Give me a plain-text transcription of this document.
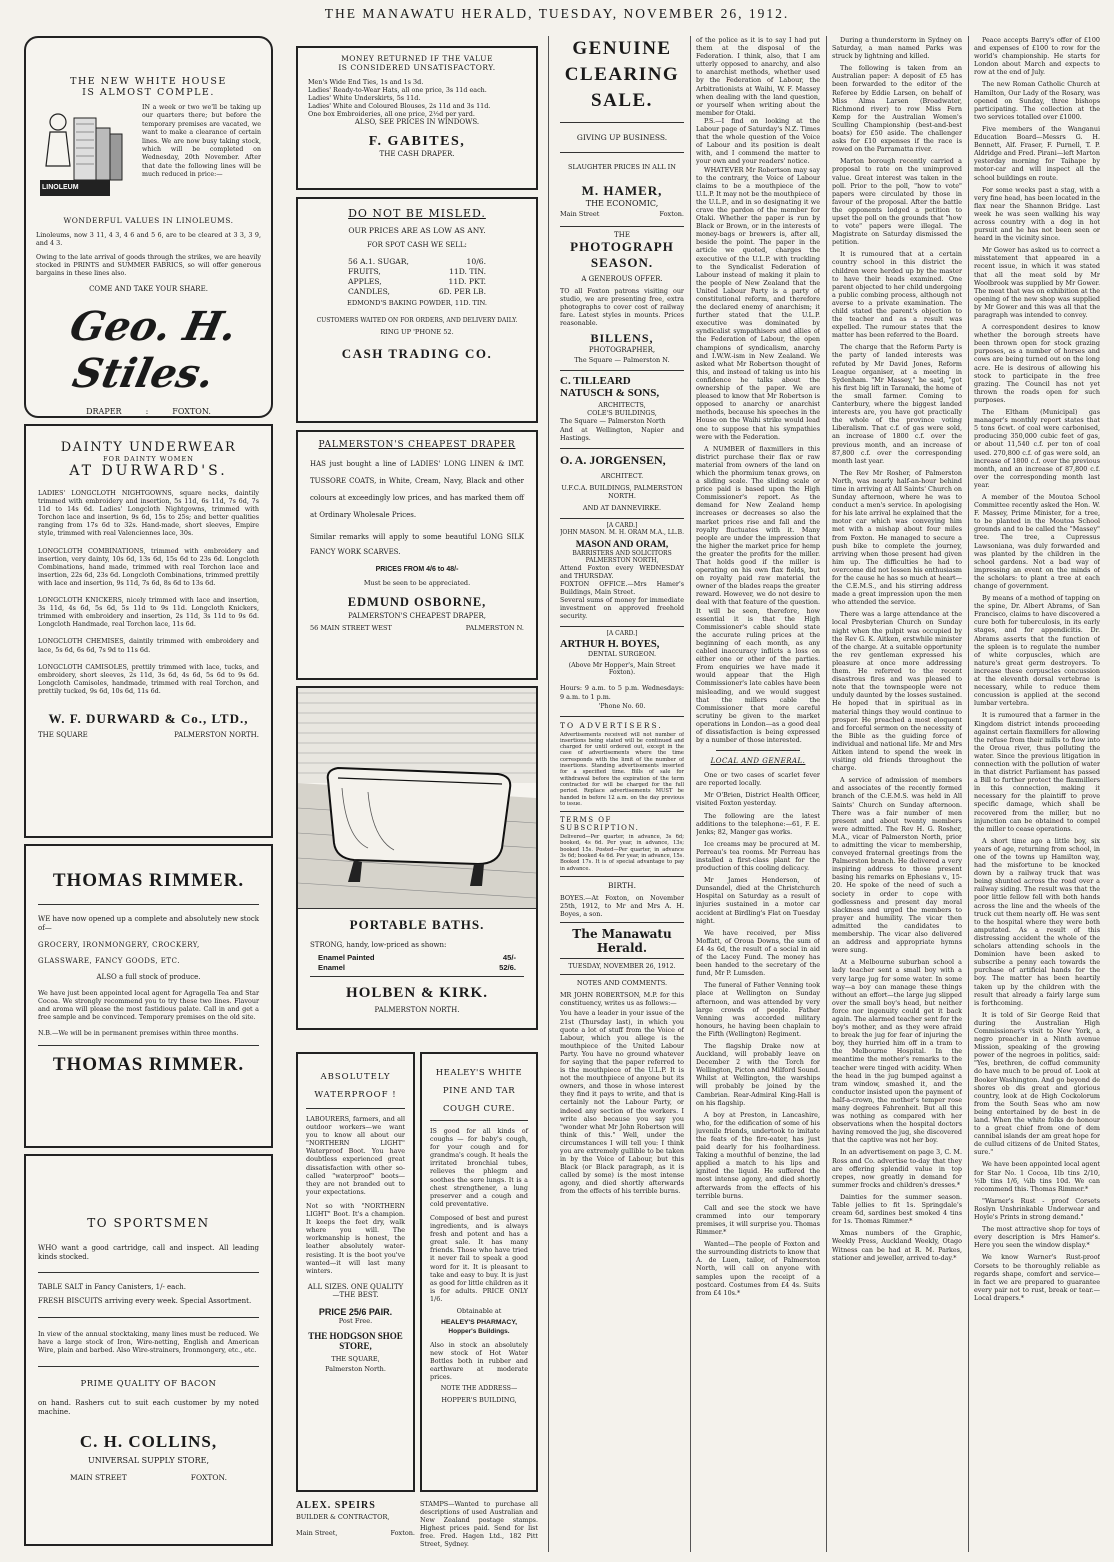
THE MANAWATU HERALD, TUESDAY, NOVEMBER 26, 1912.
THE NEW WHITE HOUSE
IS ALMOST COMPLE.
LINOLEUM

IN a week or two we'll be taking up our quarters there; but before the temporary premises are vacated, we want to make a clearance of certain lines. We are now busy taking stock, which will be completed on Wednesday, 20th November. After that date the following lines will be much reduced in price:—

WONDERFUL VALUES IN LINOLEUMS.

Linoleums, now 3 11, 4 3, 4 6 and 5 6, are to be cleared at 3 3, 3 9, and 4 3.

Owing to the late arrival of goods through the strikes, we are heavily stocked in PRINTS and SUMMER FABRICS, so will offer generous bargains in these lines also.

COME AND TAKE YOUR SHARE.
Geo. H. Stiles.
DRAPER	:	FOXTON.
DAINTY UNDERWEAR
FOR DAINTY WOMEN
AT DURWARD'S.

LADIES' LONGCLOTH NIGHTGOWNS, square necks, daintily trimmed with embroidery and insertion, 5s 11d, 6s 11d, 7s 6d, 7s 11d to 14s 6d. Ladies' Longcloth Nightgowns, trimmed with Torchon lace and insertion, 9s 6d, 15s to 25s; and better qualities ranging from 17s 6d to 32s. Hand-made, short sleeves, Empire style, trimmed with real Valenciennes lace, 30s.

LONGCLOTH COMBINATIONS, trimmed with embroidery and insertion, very dainty, 10s 6d, 13s 6d, 15s 6d to 23s 6d. Longcloth Combinations, hand made, trimmed with real Torchon lace and insertion, 22s 6d, 23s 6d. Longcloth Combinations, trimmed prettily with lace and insertion, 9s 11d, 7s 6d, 8s 6d to 13s 6d.

LONGCLOTH KNICKERS, nicely trimmed with lace and insertion, 3s 11d, 4s 6d, 5s 6d, 5s 11d to 9s 11d. Longcloth Knickers, trimmed with embroidery and insertion, 2s 11d, 3s 11d to 9s 6d. Longcloth Handmade, real Torchon lace, 11s 6d.

LONGCLOTH CHEMISES, daintily trimmed with embroidery and lace, 5s 6d, 6s 6d, 7s 9d to 11s 6d.

LONGCLOTH CAMISOLES, prettily trimmed with lace, tucks, and embroidery, short sleeves, 2s 11d, 3s 6d, 4s 6d, 5s 6d to 9s 6d. Longcloth Camisoles, handmade, trimmed with real Torchon, and prettily tucked, 9s 6d, 10s 6d, 11s 6d.

W. F. DURWARD & Co., LTD.,
THE SQUARE	PALMERSTON NORTH.
THOMAS RIMMER.

WE have now opened up a complete and absolutely new stock of—

GROCERY, IRONMONGERY, CROCKERY,
GLASSWARE, FANCY GOODS, ETC.
ALSO a full stock of produce.

We have just been appointed local agent for Agragella Tea and Star Cocoa. We strongly recommend you to try these two lines. Flavour and aroma will please the most fastidious palate. Call in and get a free sample and be convinced. Temporary premises on the old site.

N.B.—We will be in permanent premises within three months.

THOMAS RIMMER.
TO SPORTSMEN

WHO want a good cartridge, call and inspect. All leading kinds stocked.

TABLE SALT in Fancy Canisters, 1/- each.

FRESH BISCUITS arriving every week. Special Assortment.

In view of the annual stocktaking, many lines must be reduced. We have a large stock of Iron, Wire-netting, English and American Wire, plain and barbed. Also Wire-strainers, Ironmongery, etc., etc.

PRIME QUALITY OF BACON

on hand. Rashers cut to suit each customer by my noted machine.

C. H. COLLINS,
UNIVERSAL SUPPLY STORE,
MAIN STREET	FOXTON.
MONEY RETURNED IF THE VALUE
IS CONSIDERED UNSATISFACTORY.
Men's Wide End Ties, 1s and 1s 3d.
Ladies' Ready-to-Wear Hats, all one price, 3s 11d each.
Ladies' White Underskirts, 5s 11d.
Ladies' White and Coloured Blouses, 2s 11d and 3s 11d.
One box Embroideries, all one price, 2½d per yard.
ALSO, SEE PRICES IN WINDOWS.
F. GABITES,
THE CASH DRAPER.
DO NOT BE MISLED.
OUR PRICES ARE AS LOW AS ANY.
FOR SPOT CASH WE SELL:
56 A.1. SUGAR,	10/6.
FRUITS,	11D. TIN.
APPLES,	11D. PKT.
CANDLES,	6D. PER LB.
EDMOND'S BAKING POWDER, 11D. TIN.
CUSTOMERS WAITED ON FOR ORDERS, AND DELIVERY DAILY.
RING UP 'PHONE 52.
CASH TRADING CO.
PALMERSTON'S CHEAPEST DRAPER

HAS just bought a line of LADIES' LONG LINEN & IMT. TUSSORE COATS, in White, Cream, Navy, Black and other colours at exceedingly low prices, and has marked them off at Ordinary Wholesale Prices.

Similar remarks will apply to some beautiful LONG SILK FANCY WORK SCARVES.

PRICES FROM 4/6 to 48/-
Must be seen to be appreciated.
EDMUND OSBORNE,
PALMERSTON'S CHEAPEST DRAPER,
56 MAIN STREET WEST	PALMERSTON N.
PORTABLE BATHS.

STRONG, handy, low-priced as shown:

Enamel Painted	45/-
Enamel	52/6.
HOLBEN & KIRK.
PALMERSTON NORTH.
ABSOLUTELY
WATERPROOF !

LABOURERS, farmers, and all outdoor workers—we want you to know all about our "NORTHERN LIGHT" Waterproof Boot. You have doubtless experienced great dissatisfaction with other so-called "waterproof" boots—they are not branded out to your expectations.

Not so with "NORTHERN LIGHT" Boot. It's a champion. It keeps the feet dry, walk where you will. The workmanship is honest, the leather absolutely water-resisting. It is the boot you've wanted—it will last many winters.

ALL SIZES. ONE QUALITY—THE BEST.
PRICE 25/6 PAIR.
Post Free.
THE HODGSON SHOE STORE,
THE SQUARE,
Palmerston North.
HEALEY'S WHITE
PINE AND TAR
COUGH CURE.

IS good for all kinds of coughs — for baby's cough, for your cough and for grandma's cough. It heals the irritated bronchial tubes, relieves the phlegm and soothes the sore lungs. It is a chest strengthener, a lung preserver and a cough and cold preventative.

Composed of best and purest ingredients, and is always fresh and potent and has a great sale. It has many friends. Those who have tried it never fail to speak a good word for it. It is pleasant to take and easy to buy. It is just as good for little children as it is for adults. PRICE ONLY 1/6.

Obtainable at
HEALEY'S PHARMACY,
Hopper's Buildings.

Also in stock an absolutely new stock of Hot Water Bottles both in rubber and earthware at moderate prices.

NOTE THE ADDRESS—
HOPPER'S BUILDING,
ALEX. SPEIRS
BUILDER & CONTRACTOR,
Main Street,	Foxton.

STAMPS—Wanted to purchase all descriptions of used Australian and New Zealand postage stamps. Highest prices paid. Send for list free. Fred. Hagen Ltd., 182 Pitt Street, Sydney.

GENUINE
CLEARING
SALE.
GIVING UP BUSINESS.
SLAUGHTER PRICES IN ALL IN
M. HAMER,
THE ECONOMIC,
Main Street	Foxton.
THE
PHOTOGRAPH
SEASON.
A GENEROUS OFFER.

TO all Foxton patrons visiting our studio, we are presenting free, extra photographs to cover cost of railway fare. Latest styles in mounts. Prices reasonable.

BILLENS,
PHOTOGRAPHER,
The Square — Palmerston N.
C. TILLEARD NATUSCH & SONS,
ARCHITECTS,
COLE'S BUILDINGS,
The Square — Palmerston North
And at Wellington, Napier and Hastings.
O. A. JORGENSEN,
ARCHITECT.
U.F.C.A. BUILDINGS, PALMERSTON NORTH.
AND AT DANNEVIRKE.
[A CARD.]
JOHN MASON. M. H. ORAM M.A., LL.B.
MASON AND ORAM,
BARRISTERS AND SOLICITORS PALMERSTON NORTH,

Attend Foxton every WEDNESDAY and THURSDAY.

FOXTON OFFICE.—Mrs Hamer's Buildings, Main Street.

Several sums of money for immediate investment on approved freehold security.

[A CARD.]
ARTHUR H. BOYES,
DENTAL SURGEON.
(Above Mr Hopper's, Main Street Foxton).

Hours: 9 a.m. to 5 p.m. Wednesdays: 9 a.m. to 1 p.m.

'Phone No. 60.
TO ADVERTISERS.

Advertisements received will not number of insertions being stated will be continued and charged for until ordered out, except in the case of advertisements where the time corresponds with the limit of the number of insertions. Standing advertisements inserted for a specified time. Bills of sale for withdrawal before the expiration of the term contracted for will be charged for the full period. Replace advertisements MUST be handed in before 12 a.m. on the day previous to issue.

TERMS OF SUBSCRIPTION.

Delivered—Per quarter, in advance, 3s 6d; booked, 4s 6d. Per year, in advance, 13s; booked 15s. Posted—Per quarter, in advance 3s 6d; booked 4s 6d. Per year, in advance, 15s. Booked 17s. It is of special advantage to pay in advance.

BIRTH.

BOYES.—At Foxton, on November 25th, 1912, to Mr and Mrs A. H. Boyes, a son.

The Manawatu Herald.
TUESDAY, NOVEMBER 26, 1912.
NOTES AND COMMENTS.

MR JOHN ROBERTSON, M.P. for this constituency, writes us as follows:—

You have a leader in your issue of the 21st (Thursday last), in which you quote a lot of stuff from the Voice of Labour, which you allege is the mouthpiece of the United Labour Party. You have no ground whatever for saying that the paper referred to is the mouthpiece of the U.L.P. It is not the mouthpiece of anyone but its owners, and those in whose interest they find it pays to write, and that is certainly not the Labour Party, or indeed any section of the workers. I write also because you say you "wonder what Mr John Robertson will think of this." Well, under the circumstances I will tell you: I think you are extremely gullible to be taken in by the Voice of Labour, but this Black (or Black paragraph, as it is called by some) is the most intense agony, and died shortly afterwards from the effects of his terrible burns.

of the police as it is to say I had put them at the disposal of the Federation. I think, also, that I am utterly opposed to anarchy, and also to anarchist methods, whether used by the Federation of Labour, the Arbitrationists at Waihi, W. F. Massey when dealing with the land question, or yourself when writing about the member for Otaki.

P.S.—I find on looking at the Labour page of Saturday's N.Z. Times that the whole question of the Voice of Labour and its position is dealt with, and I commend the matter to your own and your readers' notice.

WHATEVER Mr Robertson may say to the contrary, the Voice of Labour claims to be a mouthpiece of the U.L.P. It may not be the mouthpiece of the U.L.P., and in so designating it we crave the pardon of the member for Otaki. Whether the paper is run by Black or Brown, or in the interests of money-bags or brewers is, after all, beside the point. The paper in the article we quoted, charges the executive of the U.L.P. with truckling to the Syndicalist Federation of Labour instead of making it plain to the people of New Zealand that the United Labour Party is a party of constitutional reform, and therefore the declared enemy of anarchism; it further stated that the U.L.P. executive was dominated by syndicalist sympathisers and allies of the Federation of Labour, the open champions of syndicalism, anarchy and I.W.W.-ism in New Zealand. We asked what Mr Robertson thought of this, and instead of taking us into his confidence he talks about the ownership of the paper. We are pleased to know that Mr Robertson is opposed to anarchy or anarchist methods, because his speeches in the House on the Waihi strike would lead one to suppose that his sympathies were with the Federation.

A NUMBER of flaxmillers in this district purchase their flax or raw material from owners of the land on which the phormium tenax grows, on a sliding scale. The sliding scale or price paid is based upon the High Commissioner's report. As the demand for New Zealand hemp increases or decreases so also the market prices rise and fall and the royalty fluctuates with it. Many people are under the impression that the higher the market price for hemp the greater the profits for the miller. That holds good if the miller is operating on his own flax fields, but on royalty paid raw material the owner of the blades reaps the greater reward. However, we do not desire to deal with that feature of the question. It will be seen, therefore, how essential it is that the High Commissioner's cable should state the accurate ruling prices at the beginning of each month, as any cabled inaccuracy inflicts a loss on either one or other of the parties. From enquiries we have made it would appear that the High Commissioner's late cables have been misleading, and we would suggest that the millers cable the Commissioner that more careful scrutiny be given to the market operations in London—as a good deal of dissatisfaction is being expressed by a number of those interested.

LOCAL AND GENERAL.

One or two cases of scarlet fever are reported locally.

Mr O'Brien, District Health Officer, visited Foxton yesterday.

The following are the latest additions to the telephone:—61, F. E. Jenks; 82, Manger gas works.

Ice creams may be procured at M. Perreau's tea rooms. Mr Perreau has installed a first-class plant for the production of this cooling delicacy.

Mr James Henderson, of Dunsandel, died at the Christchurch Hospital on Saturday as a result of injuries sustained in a motor car accident at Birdling's Flat on Tuesday night.

We have received, per Miss Moffatt, of Oroua Downs, the sum of £4 4s 6d, the result of a social in aid of the Lacey Fund. The money has been handed to the secretary of the fund, Mr P. Lumsden.

The funeral of Father Venning took place at Wellington on Sunday afternoon, and was attended by very large crowds of people. Father Venning was accorded military honours, he having been chaplain to the Fifth (Wellington) Regiment.

The flagship Drake now at Auckland, will probably leave on December 2 with the Torch for Wellington, Picton and Milford Sound. Whilst at Wellington, the warships will probably be joined by the Cambrian. Rear-Admiral King-Hall is on his flagship.

A boy at Preston, in Lancashire, who, for the edification of some of his juvenile friends, undertook to imitate the feats of the fire-eater, has just paid dearly for his foolhardiness. Taking a mouthful of benzine, the lad applied a match to his lips and ignited the liquid. He suffered the most intense agony, and died shortly afterwards from the effects of his terrible burns.

Call and see the stock we have crammed into our temporary premises, it will surprise you. Thomas Rimmer.*

Wanted—The people of Foxton and the surrounding districts to know that A. de Luen, tailor, of Palmerston North, will call on anyone with samples upon the receipt of a postcard. Costumes from £4 4s. Suits from £4 10s.*

During a thunderstorm in Sydney on Saturday, a man named Parks was struck by lightning and killed.

The following is taken from an Australian paper: A deposit of £5 has been forwarded to the editor of the Referee by Eddie Larsen, on behalf of Miss Alma Larsen (Broadwater, Richmond river) to row Miss Fern Kemp for the Australian Women's Sculling Championship (best-and-best boats) for £50 aside. The challenger asks for £10 expenses if the race is rowed on the Parramatta river.

Marton borough recently carried a proposal to rate on the unimproved value. Great interest was taken in the poll. Prior to the poll, "how to vote" papers were circulated by those in favour of the proposal. After the battle the opponents lodged a petition to upset the poll on the grounds that "how to vote" papers were illegal. The Magistrate on Saturday dismissed the petition.

It is rumoured that at a certain country school in this district the children were herded up by the master to have their heads examined. One parent objected to her child undergoing a public combing process, although not averse to a private examination. The child stated the parent's objection to the teacher and as a result was expelled. The rumour states that the matter has been referred to the Board.

The charge that the Reform Party is the party of landed interests was refuted by Mr David Jones, Reform League organiser, at a meeting in Sydenham. "Mr Massey," he said, "got his first big lift in Taranaki, the home of the small farmer. Coming to Canterbury, where the biggest landed interests are, you have got practically the whole of the province voting Liberalism. That c.f. of gas were sold, an increase of 1800 c.f. over the previous month, and an increase of 87,800 c.f. over the corresponding month last year.

The Rev Mr Rosher, of Palmerston North, was nearly half-an-hour behind time in arriving at All Saints' Church on Sunday afternoon, where he was to conduct a men's service. In apologising for his late arrival he explained that the motor car which was conveying him met with a mishap about four miles from Foxton. He managed to secure a push bike to complete the journey, arriving when those present had given him up. The difficulties he had to overcome did not lessen his enthusiasm for the cause he has so much at heart—the C.E.M.S., and his stirring address made a great impression upon the men who attended the service.

There was a large attendance at the local Presbyterian Church on Sunday night when the pulpit was occupied by the Rev G. K. Aitken, erstwhile minister of the charge. At a suitable opportunity the rev gentleman expressed his pleasure at once more addressing them. He referred to the recent disastrous fires and was pleased to note that the townspeople were not unduly daunted by the losses sustained. He hoped that in spiritual as in material things they would continue to prosper. He preached a most eloquent and forceful sermon on the necessity of the Bible as the guiding force of individual and national life. Mr and Mrs Aitken intend to spend the week in visiting old friends throughout the charge.

A service of admission of members and associates of the recently formed branch of the C.E.M.S. was held in All Saints' Church on Sunday afternoon. There was a fair number of men present and about twenty members were admitted. The Rev H. G. Rosher, M.A., vicar of Palmerston North, prior to admitting the vicar to membership, conveyed fraternal greetings from the Palmerston branch. He delivered a very inspiring address to those present basing his remarks on Ephesians v., 15-20. He spoke of the need of such a society in order to cope with godlessness and present day moral slackness and urged the members to prayer and humility. The vicar then admitted the candidates to membership. The vicar also delivered an address and appropriate hymns were sung.

At a Melbourne suburban school a lady teacher sent a small boy with a very large jug for some water. In some way—a boy can manage these things without an effort—the large jug slipped over the small boy's head, but neither force nor ingenuity could get it back again. The alarmed teacher sent for the boy's mother, and as they were afraid to break the jug for fear of injuring the boy, they hurried him off in a tram to the Melbourne Hospital. In the meantime the mother's remarks to the teacher were tinged with acidity. When the head in the jug bumped against a tram window, smashed it, and the conductor insisted upon the payment of half-a-crown, the mother's temper rose many degrees Fahrenheit. But all this was nothing as compared with her observations when the hospital doctors having removed the jug, she discovered that the captive was not her boy.

In an advertisement on page 3, C. M. Ross and Co. advertise to-day that they are offering splendid value in top crepes, now greatly in demand for summer frocks and children's dresses.*

Dainties for the summer season. Table jellies to fit 1s. Springdale's cream 6d, sardines best smoked 4 tins for 1s. Thomas Rimmer.*

Xmas numbers of the Graphic, Weekly Press, Auckland Weekly, Otago Witness can be had at R. M. Parkes, stationer and jeweller, arrived to-day.*

Peace accepts Barry's offer of £100 and expenses of £100 to row for the world's championship. He starts for London about March and expects to row at the end of July.

The new Roman Catholic Church at Hamilton, Our Lady of the Rosary, was opened on Sunday, three bishops participating. The collection at the two services totalled over £1000.

Five members of the Wanganui Education Board—Messrs G. H. Bennett, Alf. Fraser, F. Purnell, T. P. Aldridge and Fred. Pirani—left Marton yesterday morning for Taihape by motor-car and will inspect all the school buildings en route.

For some weeks past a stag, with a very fine head, has been located in the flax near the Shannon Bridge. Last week he was seen walking his way across country with a dog in hot pursuit and he has not been seen or heard in the vicinity since.

Mr Gower has asked us to correct a misstatement that appeared in a recent issue, in which it was stated that all the meat sold by Mr Woolbrook was supplied by Mr Gower. The meat that was on exhibition at the opening of the new shop was supplied by Mr Gower and this was all that the paragraph was intended to convey.

A correspondent desires to know whether the borough streets have been thrown open for stock grazing purposes, as a number of horses and cows are being turned out on the long acre. He is desirous of allowing his stock to participate in the free grazing. The Council has not yet thrown the roads open for such purposes.

The Eltham (Municipal) gas manager's monthly report states that 5 tons 6cwt. of coal were carbonised, producing 350,000 cubic feet of gas, or about 11,540 c.f. per ton of coal used. 270,800 c.f. of gas were sold, an increase of 1800 c.f. over the previous month, and an increase of 87,800 c.f. over the corresponding month last year.

A member of the Moutoa School Committee recently asked the Hon. W. F. Massey, Prime Minister, for a tree, to be planted in the Moutoa School grounds and to be called the "Massey" tree. The tree, a Cupressus Lawsoniana, was duly forwarded and was planted by the children in the school gardens. Not a bad way of impressing an event on the minds of the scholars: to plant a tree at each change of government.

By means of a method of tapping on the spine, Dr. Albert Abrams, of San Francisco, claims to have discovered a cure both for tuberculosis, in its early stages, and for appendicitis. Dr. Abrams asserts that the function of the spleen is to regulate the number of white corpuscles, which are nature's great germ destroyers. To increase these corpuscles concussion at the eleventh dorsal vertebrae is necessary, while to reduce them concussion is applied at the second lumbar vertebra.

It is rumoured that a farmer in the Kingdom district intends proceeding against certain flaxmillers for allowing the refuse from their mills to flow into the Oroua river, thus polluting the water. Since the previous litigation in connection with the pollution of water in that district Parliament has passed a Bill to further protect the flaxmillers in this connection, making it necessary for the plaintiff to prove specific damage, which shall be recovered from the miller, but no injunction can be obtained to compel the miller to cease operations.

A short time ago a little boy, six years of age, returning from school, in one of the towns up Hamilton way, had the misfortune to be knocked down by a railway truck that was being shunted across the road over a railway siding. The result was that the poor little fellow fell with both hands across the line and the wheels of the truck cut them nearly off. He was sent to the hospital where they were both amputated. As a result of this distressing accident the whole of the scholars attending schools in the Dominion have been asked to subscribe a penny each towards the purchase of artificial hands for the boy. The matter has been heartily taken up by the children with the result that already a fairly large sum is forthcoming.

It is told of Sir George Reid that during the Australian High Commissioner's visit to New York, a negro preacher in a Ninth avenue Mission, speaking of the growing power of the negroes in politics, said: "Yes, brethren, de coffud community do have much to be proud of. Look at Booker Washington. And go beyond de shores ob dis great and glorious country, look at de High Cockolorum from the South Seas who am now being entertained by de best in de land. When the white folks do honour to a great chief from one of dem cannibal islands der am great hope for de cullud citizens of de United States, sure."

We have been appointed local agent for Star No. 1 Cocoa, 1lb tins 2/10, ½lb tins 1/6, ¼lb tins 10d. We can recommend this. Thomas Rimmer.*

"Warner's Rust - proof Corsets Roslyn Unshrinkable Underwear and Hoyle's Prints in strong demand."

The most attractive shop for toys of every description is Mrs Hamer's. Here you seen the window display.*

We know Warner's Rust-proof Corsets to be thoroughly reliable as regards shape, comfort and service—in fact we are prepared to guarantee every pair not to rust, break or tear.—Local drapers.*
